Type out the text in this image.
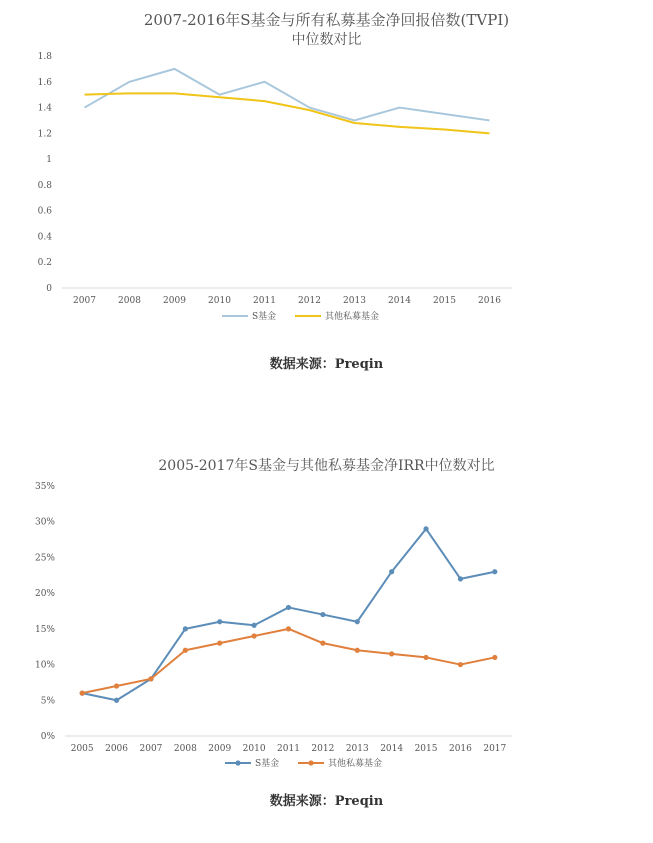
2007-2016年S基金与所有私募基金净回报倍数(TVPI)
中位数对比
0
0.2
0.4
0.6
0.8
1
1.2
1.4
1.6
1.8
2007 2008 2009 2010 2011 2012 2013 2014 2015 2016
S基金	其他私募基金
数据来源：Preqin
2005-2017年S基金与其他私募基金净IRR中位数对比
0%
5%
10%
15%
20%
25%
30%
35%
2005 2006 2007 2008 2009 2010 2011 2012 2013 2014 2015 2016 2017
S基金	其他私募基金
数据来源：Preqin
